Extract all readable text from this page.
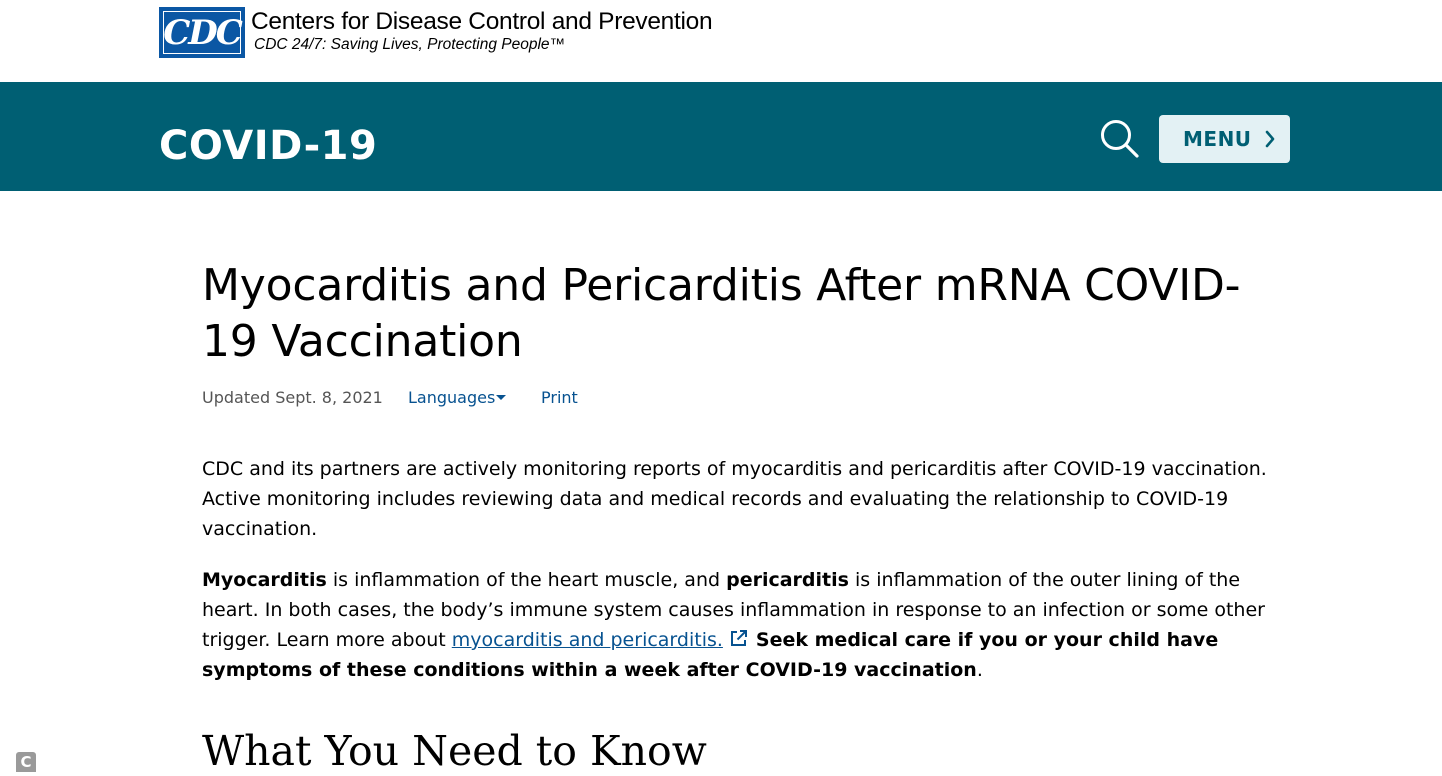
CDC Centers for Disease Control and Prevention
CDC 24/7: Saving Lives, Protecting People™
COVID-19	MENU
Myocarditis and Pericarditis After mRNA COVID-19 Vaccination
Updated Sept. 8, 2021 Languages	Print

CDC and its partners are actively monitoring reports of myocarditis and pericarditis after COVID-19 vaccination. Active monitoring includes reviewing data and medical records and evaluating the relationship to COVID-19 vaccination.

Myocarditis is inflammation of the heart muscle, and pericarditis is inflammation of the outer lining of the heart. In both cases, the body’s immune system causes inflammation in response to an infection or some other trigger. Learn more about myocarditis and pericarditis. Seek medical care if you or your child have symptoms of these conditions within a week after COVID-19 vaccination.

What You Need to Know
C
